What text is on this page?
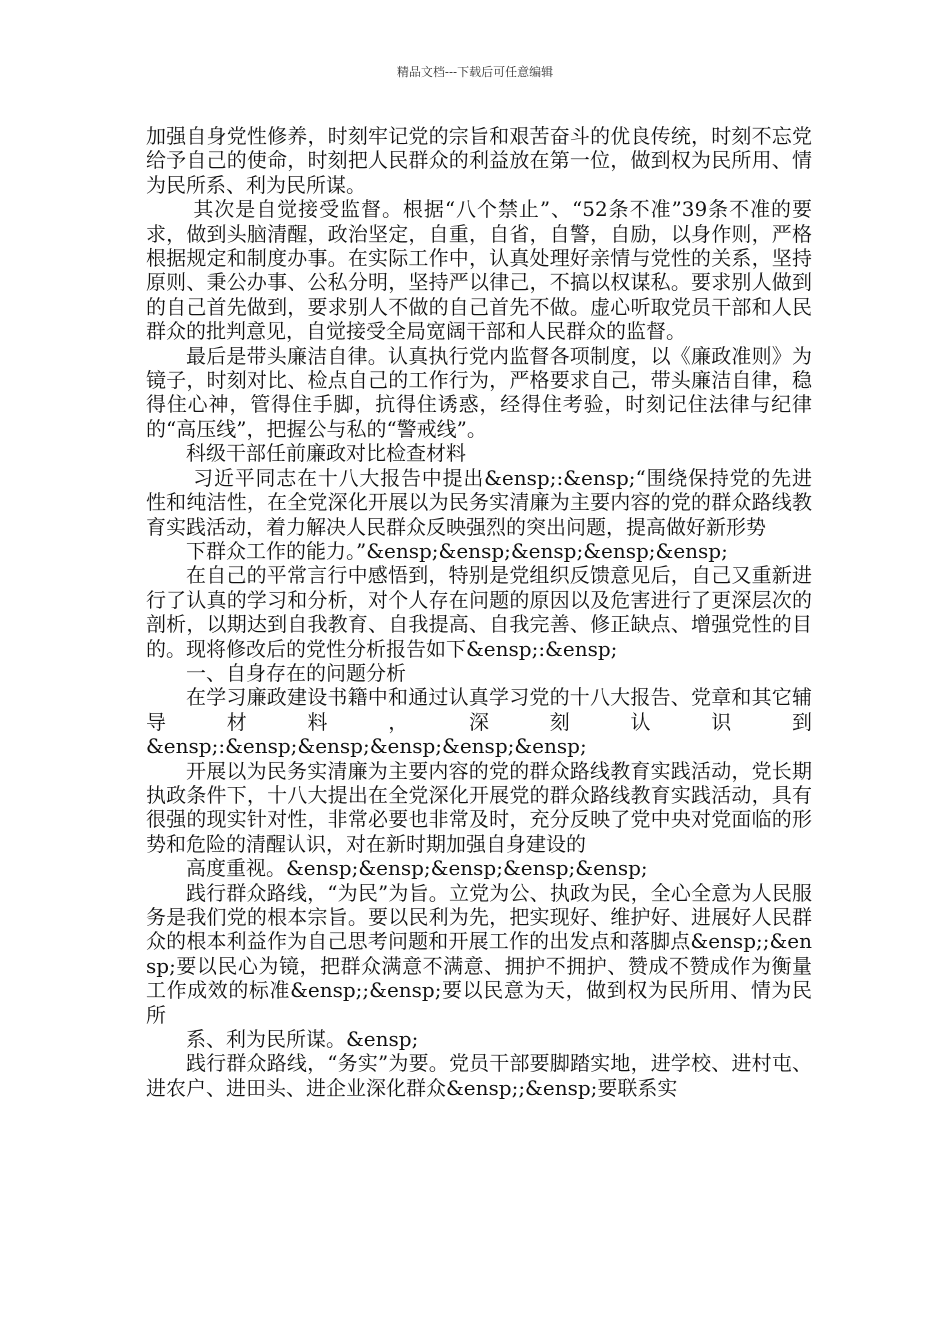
精品文档---下载后可任意编辑

加强自身党性修养，时刻牢记党的宗旨和艰苦奋斗的优良传统，时刻不忘党给予自己的使命，时刻把人民群众的利益放在第一位，做到权为民所用、情为民所系、利为民所谋。

其次是自觉接受监督。根据“八个禁止”、“52条不准”39条不准的要求，做到头脑清醒，政治坚定，自重，自省，自警，自励，以身作则，严格根据规定和制度办事。在实际工作中，认真处理好亲情与党性的关系，坚持原则、秉公办事、公私分明，坚持严以律己，不搞以权谋私。要求别人做到的自己首先做到，要求别人不做的自己首先不做。虚心听取党员干部和人民群众的批判意见，自觉接受全局宽阔干部和人民群众的监督。

最后是带头廉洁自律。认真执行党内监督各项制度，以《廉政准则》为镜子，时刻对比、检点自己的工作行为，严格要求自己，带头廉洁自律，稳得住心神，管得住手脚，抗得住诱惑，经得住考验，时刻记住法律与纪律的“高压线”，把握公与私的“警戒线”。

科级干部任前廉政对比检查材料

习近平同志在十八大报告中提出&ensp;:&ensp;“围绕保持党的先进性和纯洁性，在全党深化开展以为民务实清廉为主要内容的党的群众路线教育实践活动，着力解决人民群众反映强烈的突出问题，提高做好新形势

下群众工作的能力。”&ensp;&ensp;&ensp;&ensp;&ensp;

在自己的平常言行中感悟到，特别是党组织反馈意见后，自己又重新进行了认真的学习和分析，对个人存在问题的原因以及危害进行了更深层次的剖析，以期达到自我教育、自我提高、自我完善、修正缺点、增强党性的目的。现将修改后的党性分析报告如下&ensp;:&ensp;

一、自身存在的问题分析

在学习廉政建设书籍中和通过认真学习党的十八大报告、党章和其它辅导材料，深刻认识到

&ensp;:&ensp;&ensp;&ensp;&ensp;&ensp;

开展以为民务实清廉为主要内容的党的群众路线教育实践活动，党长期执政条件下，十八大提出在全党深化开展党的群众路线教育实践活动，具有很强的现实针对性，非常必要也非常及时，充分反映了党中央对党面临的形势和危险的清醒认识，对在新时期加强自身建设的

高度重视。&ensp;&ensp;&ensp;&ensp;&ensp;

践行群众路线，“为民”为旨。立党为公、执政为民，全心全意为人民服务是我们党的根本宗旨。要以民利为先，把实现好、维护好、进展好人民群众的根本利益作为自己思考问题和开展工作的出发点和落脚点&ensp;;&ensp;要以民心为镜，把群众满意不满意、拥护不拥护、赞成不赞成作为衡量工作成效的标准&ensp;;&ensp;要以民意为天，做到权为民所用、情为民所

系、利为民所谋。&ensp;

践行群众路线，“务实”为要。党员干部要脚踏实地，进学校、进村屯、进农户、进田头、进企业深化群众&ensp;;&ensp;要联系实
